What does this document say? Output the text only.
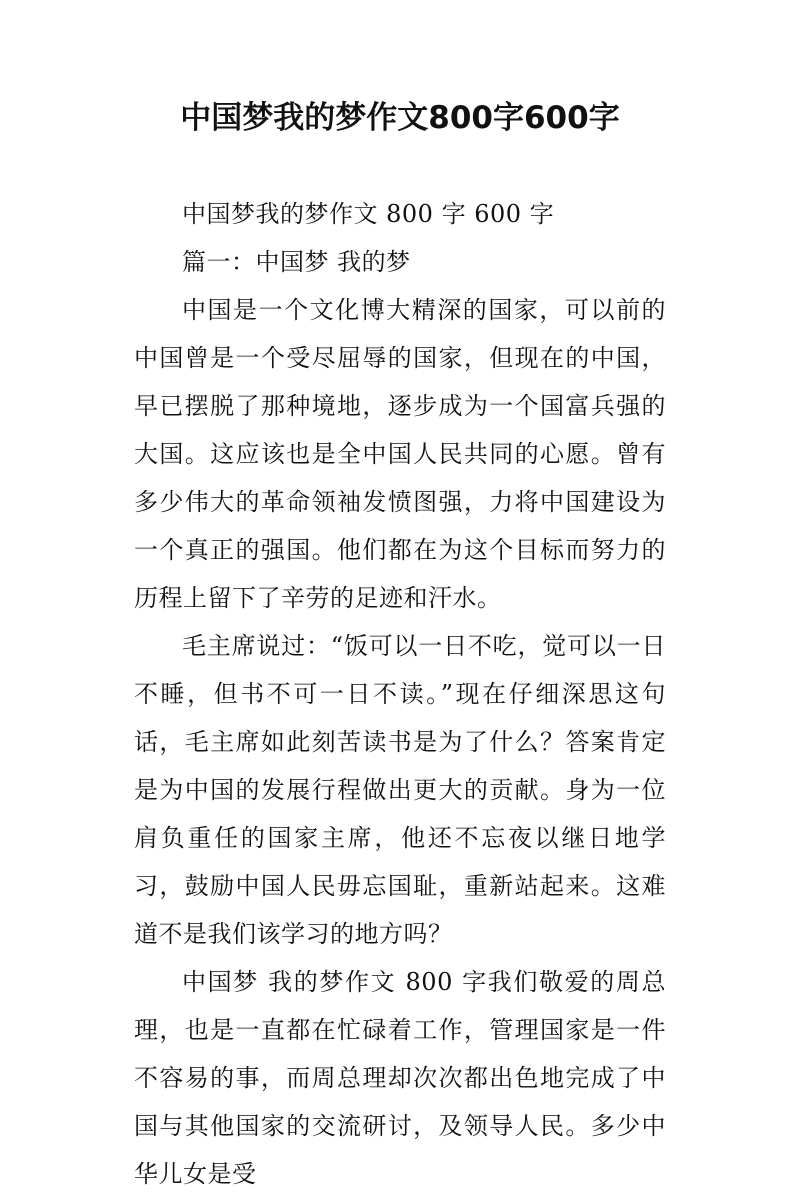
中国梦我的梦作文800字600字

中国梦我的梦作文 800 字 600 字

篇一：中国梦 我的梦

中国是一个文化博大精深的国家，可以前的中国曾是一个受尽屈辱的国家，但现在的中国，早已摆脱了那种境地，逐步成为一个国富兵强的大国。这应该也是全中国人民共同的心愿。曾有多少伟大的革命领袖发愤图强，力将中国建设为一个真正的强国。他们都在为这个目标而努力的历程上留下了辛劳的足迹和汗水。

毛主席说过：“饭可以一日不吃，觉可以一日不睡，但书不可一日不读。”现在仔细深思这句话，毛主席如此刻苦读书是为了什么？答案肯定是为中国的发展行程做出更大的贡献。身为一位肩负重任的国家主席，他还不忘夜以继日地学习，鼓励中国人民毋忘国耻，重新站起来。这难道不是我们该学习的地方吗？

中国梦 我的梦作文 800 字我们敬爱的周总理，也是一直都在忙碌着工作，管理国家是一件不容易的事，而周总理却次次都出色地完成了中国与其他国家的交流研讨，及领导人民。多少中华儿女是受
